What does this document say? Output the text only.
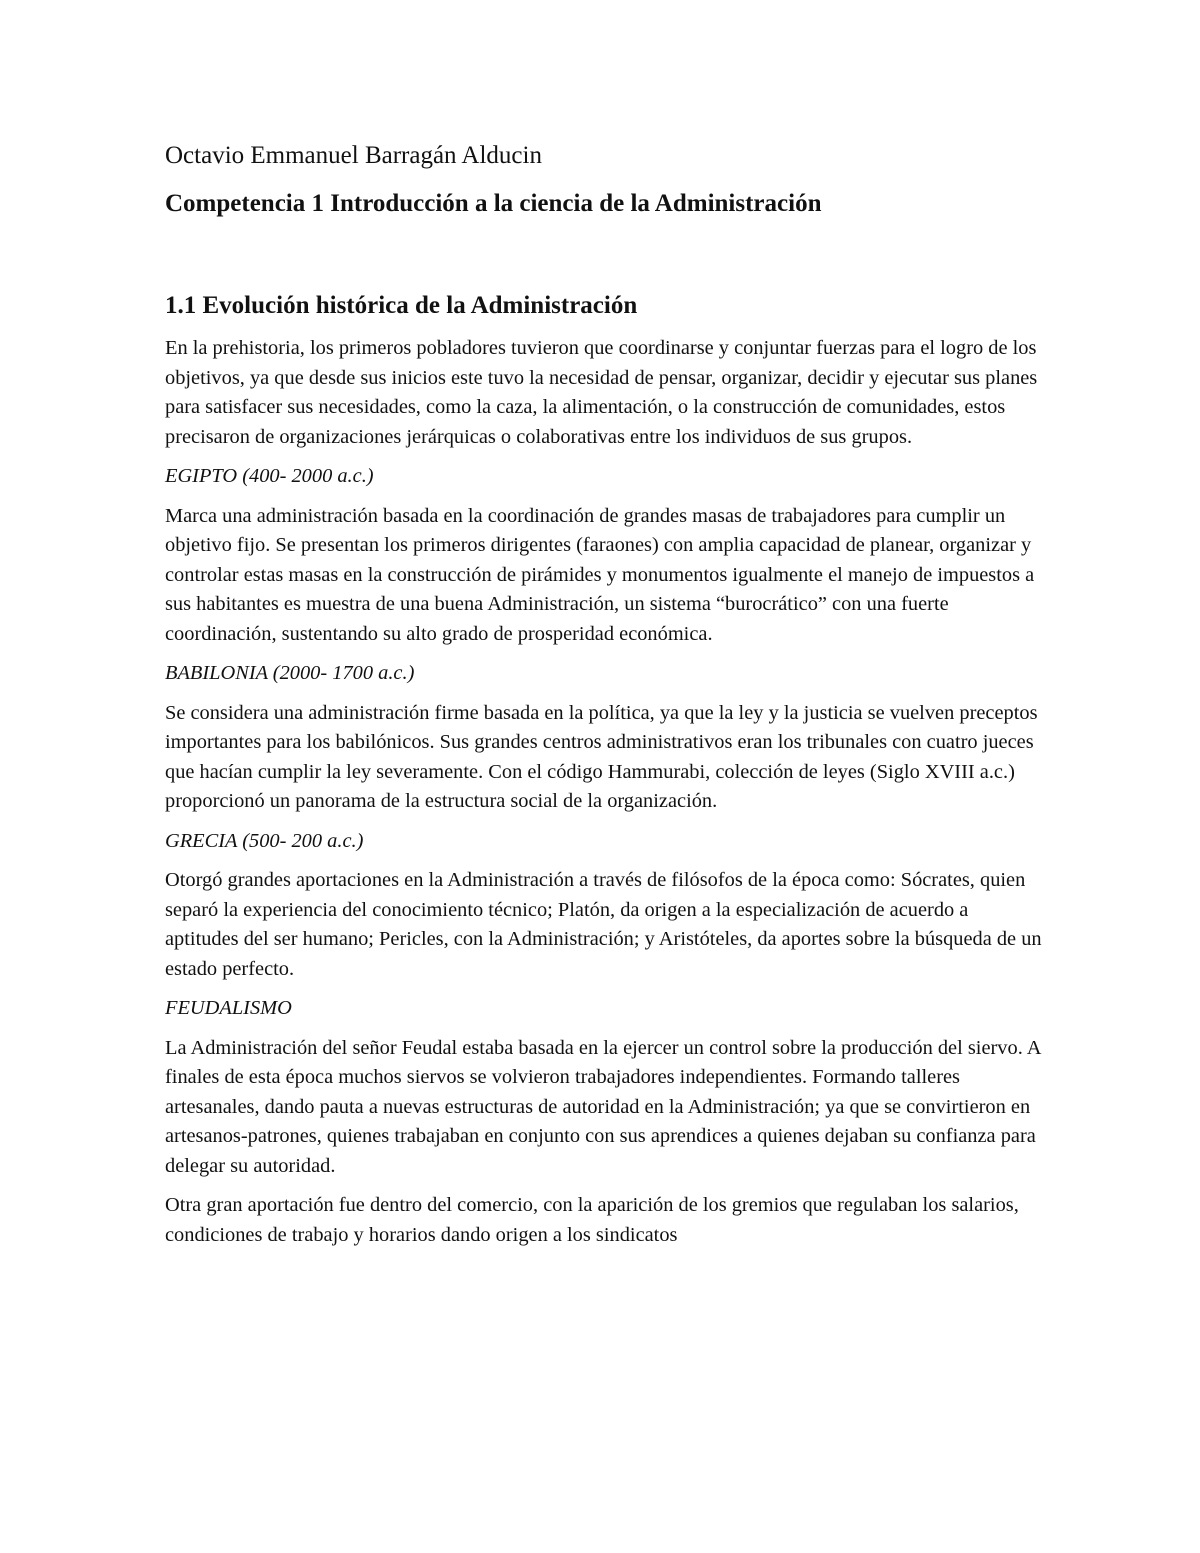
Octavio Emmanuel Barragán Alducin

Competencia 1 Introducción a la ciencia de la Administración

1.1 Evolución histórica de la Administración

En la prehistoria, los primeros pobladores tuvieron que coordinarse y conjuntar fuerzas para el logro de los objetivos, ya que desde sus inicios este tuvo la necesidad de pensar, organizar, decidir y ejecutar sus planes para satisfacer sus necesidades, como la caza, la alimentación, o la construcción de comunidades, estos precisaron de organizaciones jerárquicas o colaborativas entre los individuos de sus grupos.

EGIPTO (400- 2000 a.c.)

Marca una administración basada en la coordinación de grandes masas de trabajadores para cumplir un objetivo fijo. Se presentan los primeros dirigentes (faraones) con amplia capacidad de planear, organizar y controlar estas masas en la construcción de pirámides y monumentos igualmente el manejo de impuestos a sus habitantes es muestra de una buena Administración, un sistema “burocrático” con una fuerte coordinación, sustentando su alto grado de prosperidad económica.

BABILONIA (2000- 1700 a.c.)

Se considera una administración firme basada en la política, ya que la ley y la justicia se vuelven preceptos importantes para los babilónicos. Sus grandes centros administrativos eran los tribunales con cuatro jueces que hacían cumplir la ley severamente. Con el código Hammurabi, colección de leyes (Siglo XVIII a.c.) proporcionó un panorama de la estructura social de la organización.

GRECIA (500- 200 a.c.)

Otorgó grandes aportaciones en la Administración a través de filósofos de la época como: Sócrates, quien separó la experiencia del conocimiento técnico; Platón, da origen a la especialización de acuerdo a aptitudes del ser humano; Pericles, con la Administración; y Aristóteles, da aportes sobre la búsqueda de un estado perfecto.

FEUDALISMO

La Administración del señor Feudal estaba basada en la ejercer un control sobre la producción del siervo. A finales de esta época muchos siervos se volvieron trabajadores independientes. Formando talleres artesanales, dando pauta a nuevas estructuras de autoridad en la Administración; ya que se convirtieron en artesanos-patrones, quienes trabajaban en conjunto con sus aprendices a quienes dejaban su confianza para delegar su autoridad.

Otra gran aportación fue dentro del comercio, con la aparición de los gremios que regulaban los salarios, condiciones de trabajo y horarios dando origen a los sindicatos
